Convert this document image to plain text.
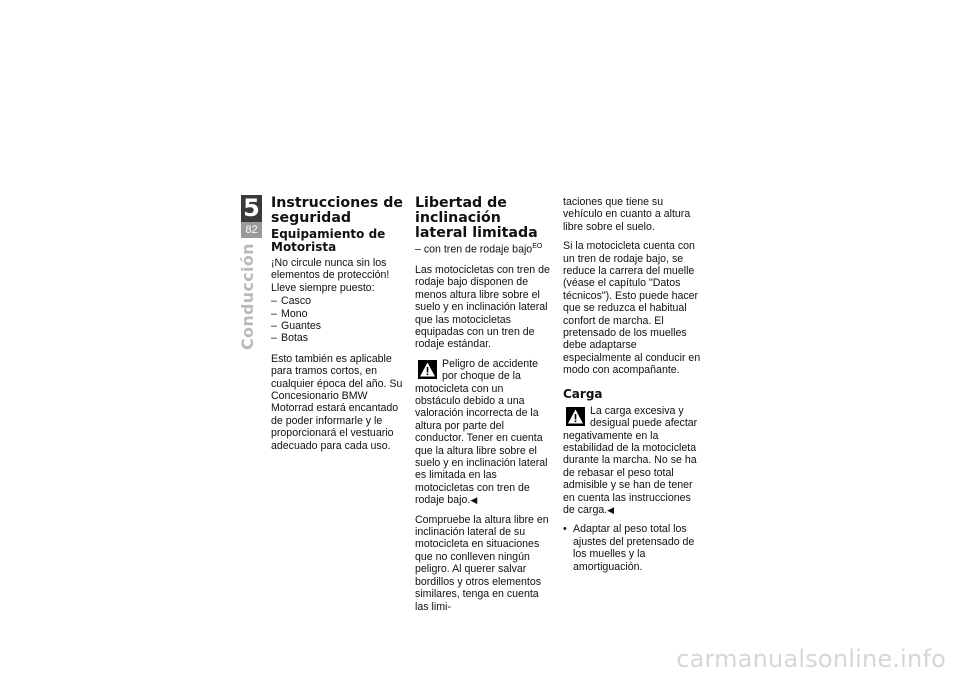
5
82
Conducción
Instrucciones de seguridad
Equipamiento de Motorista

¡No circule nunca sin los elementos de protección! Lleve siempre puesto:

– Casco
– Mono
– Guantes
– Botas

Esto también es aplicable para tramos cortos, en cualquier época del año. Su Concesionario BMW Motorrad estará encantado de poder informarle y le proporcionará el vestuario adecuado para cada uso.

Libertad de inclinación lateral limitada

– con tren de rodaje bajo$^{EO}$

Las motocicletas con tren de rodaje bajo disponen de menos altura libre sobre el suelo y en inclinación lateral que las motocicletas equipadas con un tren de rodaje estándar.

Peligro de accidente por choque de la motocicleta con un obstáculo debido a una valoración incorrecta de la altura por parte del conductor. Tener en cuenta que la altura libre sobre el suelo y en inclinación lateral es limitada en las motocicletas con tren de rodaje bajo.◀

Compruebe la altura libre en inclinación lateral de su motocicleta en situaciones que no conlleven ningún peligro. Al querer salvar bordillos y otros elementos similares, tenga en cuenta las limi-

taciones que tiene su vehículo en cuanto a altura libre sobre el suelo.

Si la motocicleta cuenta con un tren de rodaje bajo, se reduce la carrera del muelle (véase el capítulo "Datos técnicos"). Esto puede hacer que se reduzca el habitual confort de marcha. El pretensado de los muelles debe adaptarse especialmente al conducir en modo con acompañante.

Carga
La carga excesiva y desigual puede afectar negativamente en la estabilidad de la motocicleta durante la marcha. No se ha de rebasar el peso total admisible y se han de tener en cuenta las instrucciones de carga.◀
• Adaptar al peso total los ajustes del pretensado de los muelles y la amortiguación.
carmanualsonline.info
